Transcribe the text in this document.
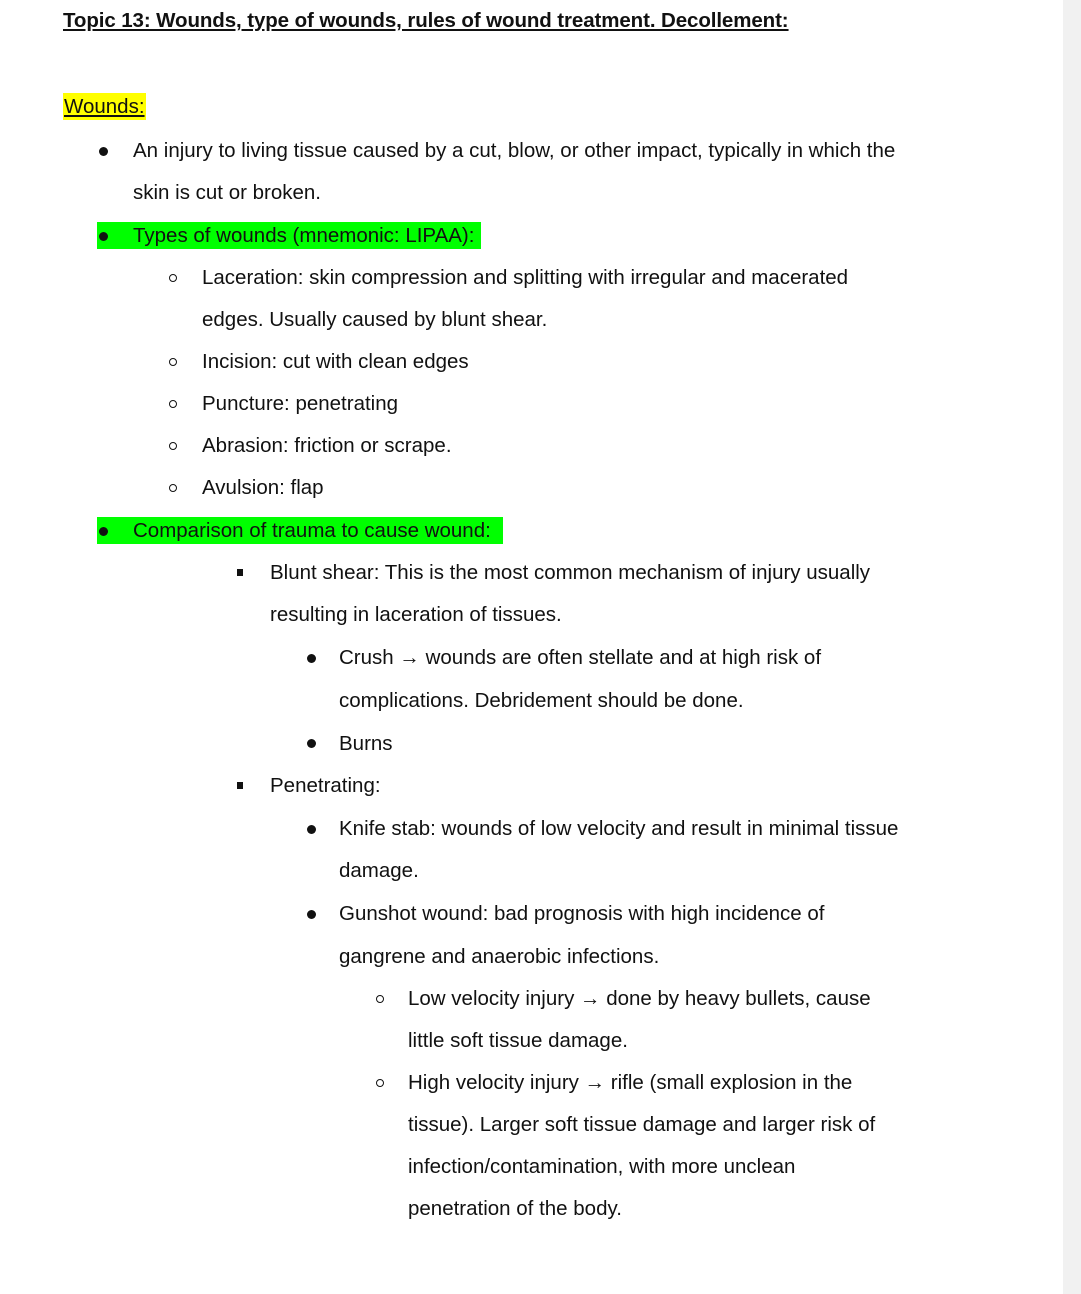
Topic 13: Wounds, type of wounds, rules of wound treatment. Decollement:
Wounds:
An injury to living tissue caused by a cut, blow, or other impact, typically in which the
skin is cut or broken.
Types of wounds (mnemonic: LIPAA):
Laceration: skin compression and splitting with irregular and macerated
edges. Usually caused by blunt shear.
Incision: cut with clean edges
Puncture: penetrating
Abrasion: friction or scrape.
Avulsion: flap
Comparison of trauma to cause wound:
Blunt shear: This is the most common mechanism of injury usually
resulting in laceration of tissues.
Crush → wounds are often stellate and at high risk of
complications. Debridement should be done.
Burns
Penetrating:
Knife stab: wounds of low velocity and result in minimal tissue
damage.
Gunshot wound: bad prognosis with high incidence of
gangrene and anaerobic infections.
Low velocity injury → done by heavy bullets, cause
little soft tissue damage.
High velocity injury → rifle (small explosion in the
tissue). Larger soft tissue damage and larger risk of
infection/contamination, with more unclean
penetration of the body.
